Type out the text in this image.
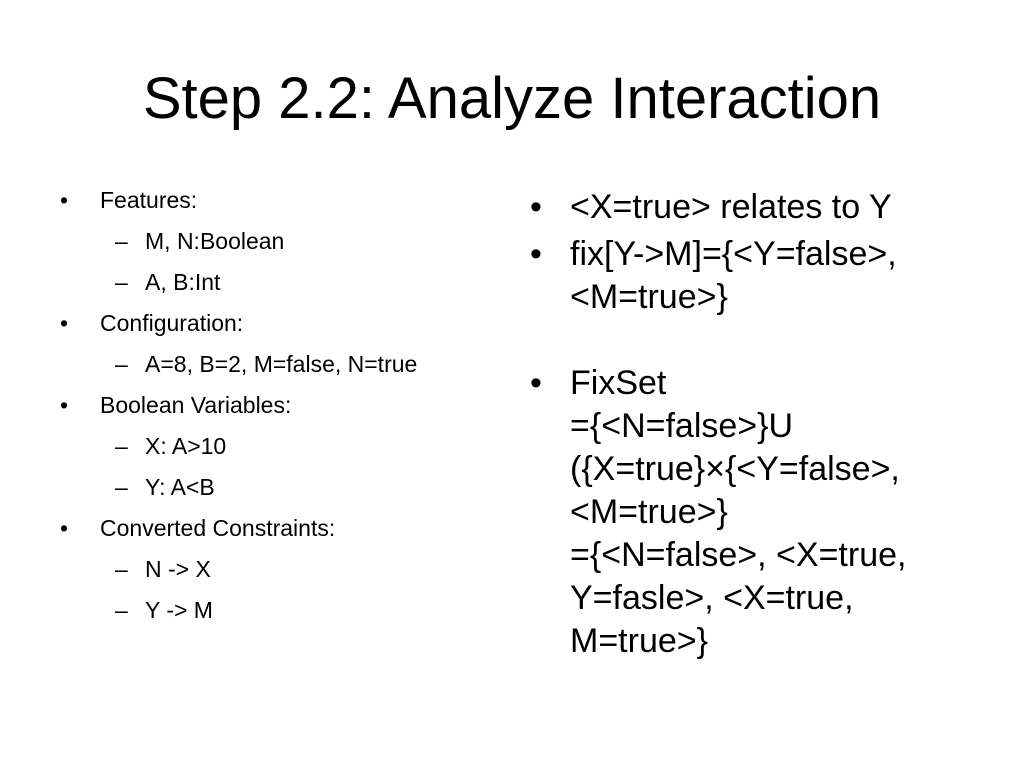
Step 2.2: Analyze Interaction
• Features:
– M, N:Boolean
– A, B:Int
• Configuration:
– A=8, B=2, M=false, N=true
• Boolean Variables:
– X: A>10
– Y: A<B
• Converted Constraints:
– N -> X
– Y -> M
• <X=true> relates to Y
• fix[Y->M]={<Y=false>,
<M=true>}
• FixSet
={<N=false>}U
({X=true}×{<Y=false>,
<M=true>}
={<N=false>, <X=true,
Y=fasle>, <X=true,
M=true>}
